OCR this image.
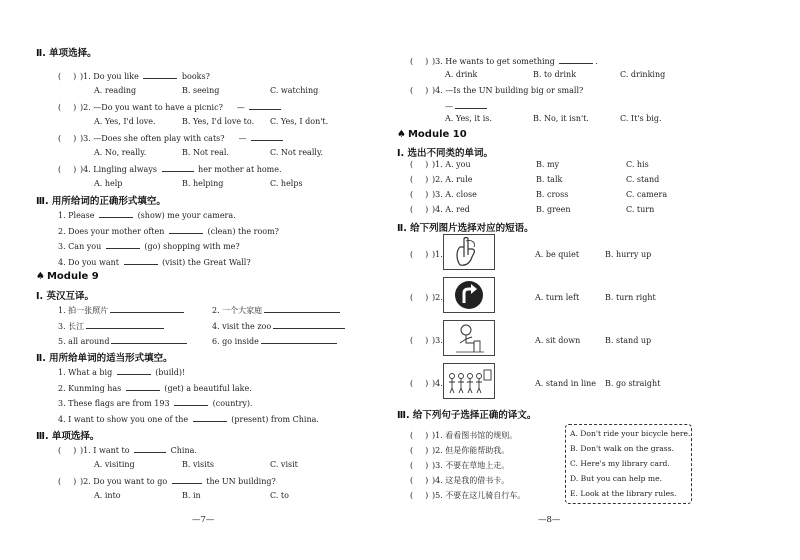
Ⅱ. 单项选择。
( ))1. Do you like	books?
A. reading	B. seeing	C. watching
( ))2. —Do you want to have a picnic?—
A. Yes, I'd love.	B. Yes, I'd love to. C. Yes, I don't.
( ))3. —Does she often play with cats?—
A. No, really.	B. Not real.	C. Not really.
( ))4. Lingling always	her mother at home.
A. help	B. helping	C. helps
Ⅲ. 用所给词的正确形式填空。
1. Please	(show) me your camera.
2. Does your mother often	(clean) the room?
3. Can you	(go) shopping with me?
4. Do you want	(visit) the Great Wall?
♠ Module 9
Ⅰ. 英汉互译。
1. 拍一张照片	2. 一个大家庭
3. 长江	4. visit the zoo
5. all around	6. go inside
Ⅱ. 用所给单词的适当形式填空。
1. What a big	(build)!
2. Kunming has	(get) a beautiful lake.
3. These flags are from 193	(country).
4. I want to show you one of the	(present) from China.
Ⅲ. 单项选择。
( ))1. I want to	China.
A. visiting	B. visits	C. visit
( ))2. Do you want to go	the UN building?
A. into	B. in	C. to
—7—
( ))3. He wants to get something	.
A. drink	B. to drink	C. drinking
( ))4. —Is the UN building big or small?
—
A. Yes, it is.	B. No, it isn't.	C. It's big.
♠ Module 10
Ⅰ. 选出不同类的单词。
( ))1. A. you	B. my	C. his
( ))2. A. rule	B. talk	C. stand
( ))3. A. close	B. cross	C. camera
( ))4. A. red	B. green	C. turn
Ⅱ. 给下列图片选择对应的短语。
( ))1.	A. be quiet	B. hurry up
( ))2.	A. turn left	B. turn right
( ))3.	A. sit down	B. stand up
( ))4.	A. stand in line B. go straight
Ⅲ. 给下列句子选择正确的译文。
( ))1. 看看图书馆的规则。
( ))2. 但是你能帮助我。
( ))3. 不要在草地上走。
( ))4. 这是我的借书卡。
( ))5. 不要在这儿骑自行车。
A. Don't ride your bicycle here.
B. Don't walk on the grass.
C. Here's my library card.
D. But you can help me.
E. Look at the library rules.
—8—
